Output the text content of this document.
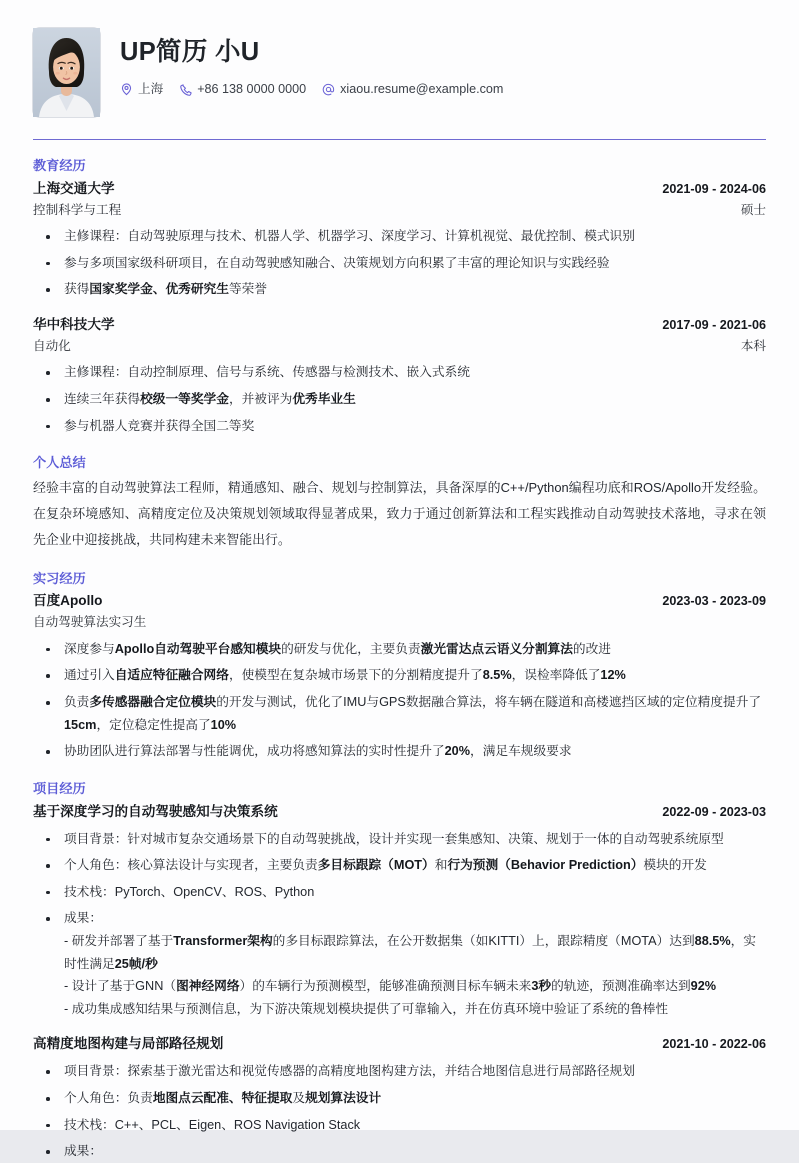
UP简历 小U
上海	+86 138 0000 0000	xiaou.resume@example.com
教育经历
上海交通大学	2021-09 - 2024-06
控制科学与工程	硕士
主修课程：自动驾驶原理与技术、机器人学、机器学习、深度学习、计算机视觉、最优控制、模式识别
参与多项国家级科研项目，在自动驾驶感知融合、决策规划方向积累了丰富的理论知识与实践经验
获得国家奖学金、优秀研究生等荣誉
华中科技大学	2017-09 - 2021-06
自动化	本科
主修课程：自动控制原理、信号与系统、传感器与检测技术、嵌入式系统
连续三年获得校级一等奖学金，并被评为优秀毕业生
参与机器人竞赛并获得全国二等奖
个人总结
经验丰富的自动驾驶算法工程师，精通感知、融合、规划与控制算法，具备深厚的C++/Python编程功底和ROS/Apollo开发经验。在复杂环境感知、高精度定位及决策规划领域取得显著成果，致力于通过创新算法和工程实践推动自动驾驶技术落地，寻求在领先企业中迎接挑战，共同构建未来智能出行。
实习经历
百度Apollo	2023-03 - 2023-09
自动驾驶算法实习生
深度参与Apollo自动驾驶平台感知模块的研发与优化，主要负责激光雷达点云语义分割算法的改进
通过引入自适应特征融合网络，使模型在复杂城市场景下的分割精度提升了8.5%，误检率降低了12%
负责多传感器融合定位模块的开发与测试，优化了IMU与GPS数据融合算法，将车辆在隧道和高楼遮挡区域的定位精度提升了15cm，定位稳定性提高了10%
协助团队进行算法部署与性能调优，成功将感知算法的实时性提升了20%，满足车规级要求
项目经历
基于深度学习的自动驾驶感知与决策系统	2022-09 - 2023-03
项目背景：针对城市复杂交通场景下的自动驾驶挑战，设计并实现一套集感知、决策、规划于一体的自动驾驶系统原型
个人角色：核心算法设计与实现者，主要负责多目标跟踪（MOT）和行为预测（Behavior Prediction）模块的开发
技术栈：PyTorch、OpenCV、ROS、Python
成果：
- 研发并部署了基于Transformer架构的多目标跟踪算法，在公开数据集（如KITTI）上，跟踪精度（MOTA）达到88.5%，实时性满足25帧/秒
- 设计了基于GNN（图神经网络）的车辆行为预测模型，能够准确预测目标车辆未来3秒的轨迹，预测准确率达到92%
- 成功集成感知结果与预测信息，为下游决策规划模块提供了可靠输入，并在仿真环境中验证了系统的鲁棒性
高精度地图构建与局部路径规划	2021-10 - 2022-06
项目背景：探索基于激光雷达和视觉传感器的高精度地图构建方法，并结合地图信息进行局部路径规划
个人角色：负责地图点云配准、特征提取及规划算法设计
技术栈：C++、PCL、Eigen、ROS Navigation Stack
成果：
